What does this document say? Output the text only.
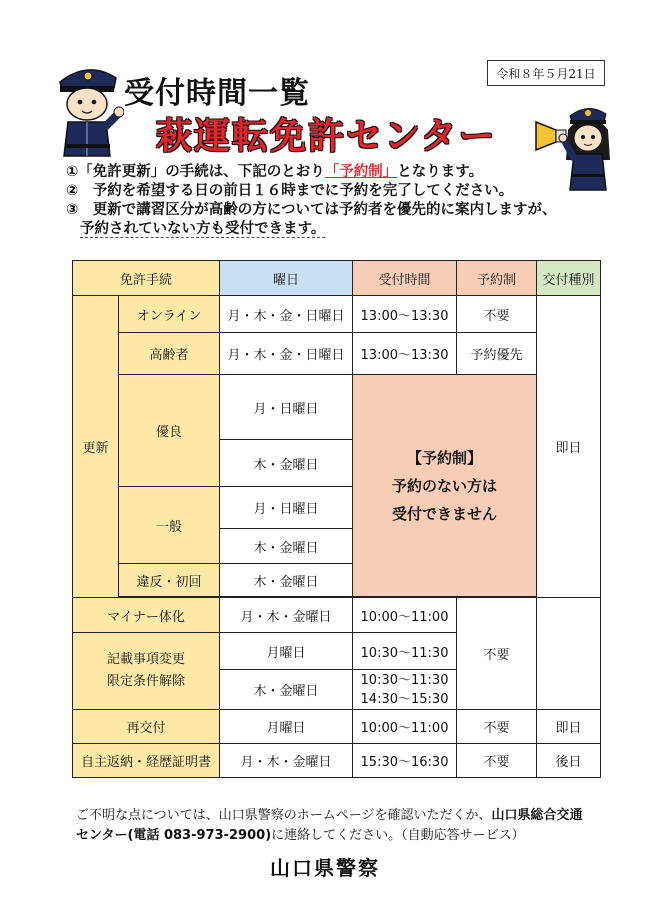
令和８年５月21日
受付時間一覧
萩運転免許センター
①「免許更新」の手続は、下記のとおり「予約制」となります。
②　予約を希望する日の前日１６時までに予約を完了してください。
③　更新で講習区分が高齢の方については予約者を優先的に案内しますが、
予約されていない方も受付できます。
免許手続		曜日	受付時間	予約制	交付種別
更新	オンライン	月・木・金・日曜日	13:00～13:30	不要	即日
	高齢者	月・木・金・日曜日	13:00～13:30	予約優先	
	優良	月・日曜日	【予約制】
予約のない方は
受付できません		

		木・金曜日			
	一般	月・日曜日			
		木・金曜日			
	違反・初回	木・金曜日			

マイナー体化		月・木・金曜日	10:00～11:00	不要	

記載事項変更
限定条件解除		月曜日	10:30～11:30		
		木・金曜日	10:30～11:30
14:30～15:30		

再交付		月曜日	10:00～11:00	不要	即日
自主返納・経歴証明書		月・木・金曜日	15:30～16:30	不要	後日
ご不明な点については、山口県警察のホームページを確認いただくか、山口県総合交通
センター(電話 083-973-2900)に連絡してください。（自動応答サービス）
山口県警察
